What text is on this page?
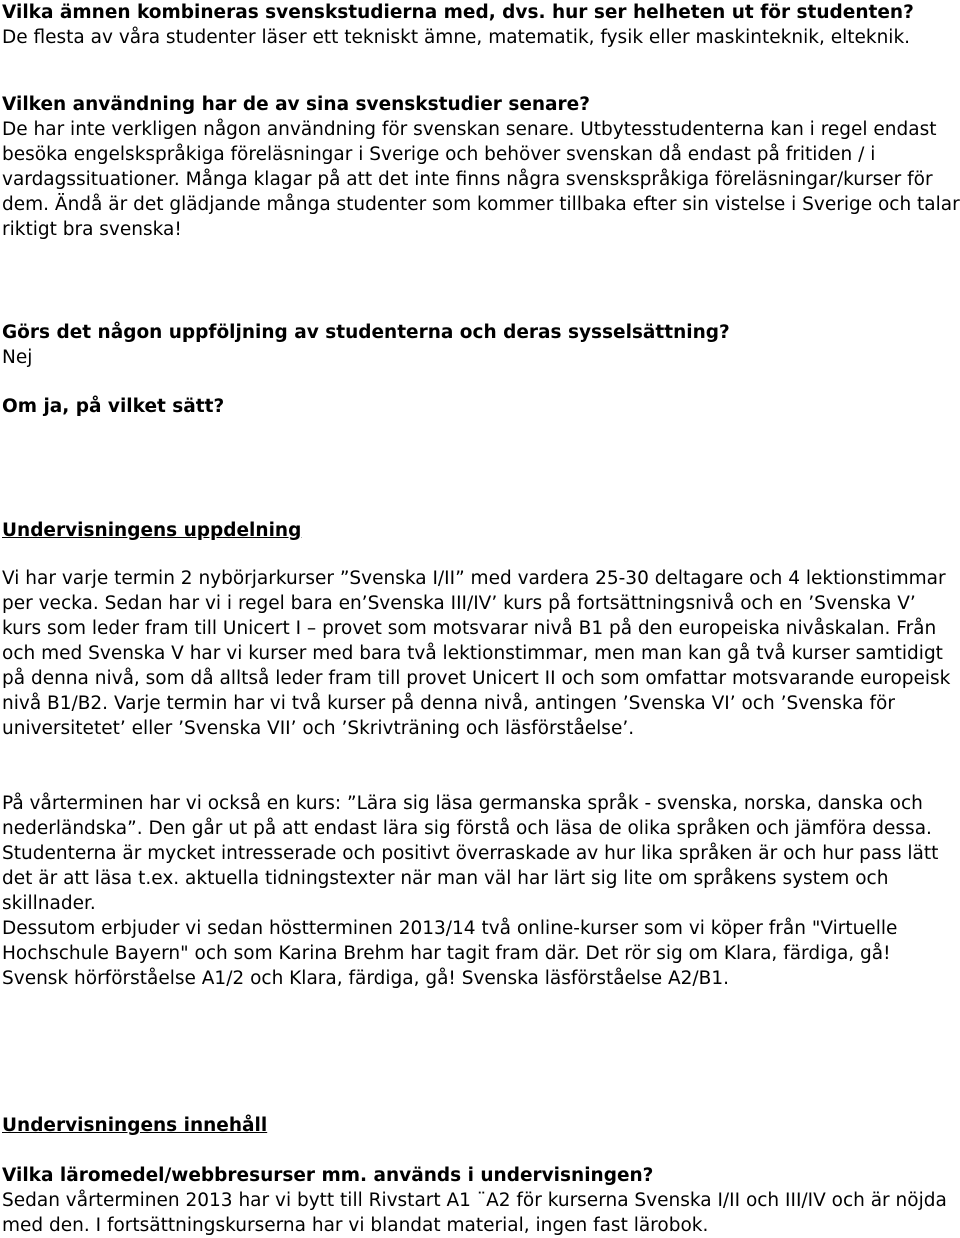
Vilka ämnen kombineras svenskstudierna med, dvs. hur ser helheten ut för studenten?

De flesta av våra studenter läser ett tekniskt ämne, matematik, fysik eller maskinteknik, elteknik.

Vilken användning har de av sina svenskstudier senare?

De har inte verkligen någon användning för svenskan senare. Utbytesstudenterna kan i regel endast besöka engelskspråkiga föreläsningar i Sverige och behöver svenskan då endast på fritiden / i vardagssituationer. Många klagar på att det inte finns några svenskspråkiga föreläsningar/kurser för dem. Ändå är det glädjande många studenter som kommer tillbaka efter sin vistelse i Sverige och talar riktigt bra svenska!

Görs det någon uppföljning av studenterna och deras sysselsättning?

Nej

Om ja, på vilket sätt?
Undervisningens uppdelning

Vi har varje termin 2 nybörjarkurser ”Svenska I/II” med vardera 25-30 deltagare och 4 lektionstimmar per vecka. Sedan har vi i regel bara en’Svenska III/IV’ kurs på fortsättningsnivå och en ’Svenska V’ kurs som leder fram till Unicert I – provet som motsvarar nivå B1 på den europeiska nivåskalan. Från och med Svenska V har vi kurser med bara två lektionstimmar, men man kan gå två kurser samtidigt på denna nivå, som då alltså leder fram till provet Unicert II och som omfattar motsvarande europeisk nivå B1/B2. Varje termin har vi två kurser på denna nivå, antingen ’Svenska VI’ och ’Svenska för universitetet’ eller ’Svenska VII’ och ’Skrivträning och läsförståelse’.

På vårterminen har vi också en kurs: ”Lära sig läsa germanska språk - svenska, norska, danska och nederländska”. Den går ut på att endast lära sig förstå och läsa de olika språken och jämföra dessa. Studenterna är mycket intresserade och positivt överraskade av hur lika språken är och hur pass lätt det är att läsa t.ex. aktuella tidningstexter när man väl har lärt sig lite om språkens system och skillnader.

Dessutom erbjuder vi sedan höstterminen 2013/14 två online-kurser som vi köper från "Virtuelle Hochschule Bayern" och som Karina Brehm har tagit fram där. Det rör sig om Klara, färdiga, gå! Svensk hörförståelse A1/2 och Klara, färdiga, gå! Svenska läsförståelse A2/B1.

Undervisningens innehåll
Vilka läromedel/webbresurser mm. används i undervisningen?

Sedan vårterminen 2013 har vi bytt till Rivstart A1 ¨A2 för kurserna Svenska I/II och III/IV och är nöjda med den. I fortsättningskurserna har vi blandat material, ingen fast lärobok.
